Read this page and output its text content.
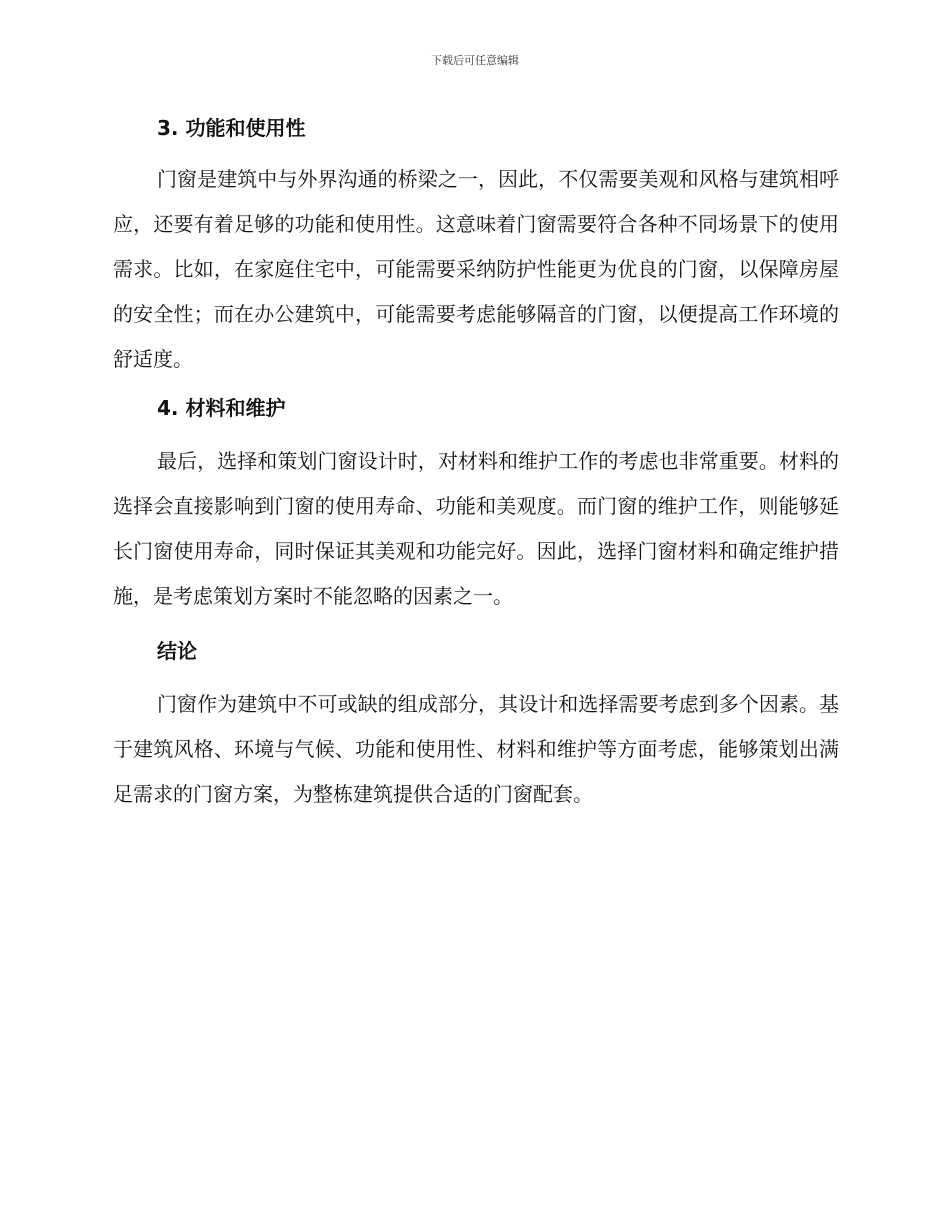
下载后可任意编辑
3. 功能和使用性

门窗是建筑中与外界沟通的桥梁之一，因此，不仅需要美观和风格与建筑相呼应，还要有着足够的功能和使用性。这意味着门窗需要符合各种不同场景下的使用需求。比如，在家庭住宅中，可能需要采纳防护性能更为优良的门窗，以保障房屋的安全性；而在办公建筑中，可能需要考虑能够隔音的门窗，以便提高工作环境的舒适度。

4. 材料和维护

最后，选择和策划门窗设计时，对材料和维护工作的考虑也非常重要。材料的选择会直接影响到门窗的使用寿命、功能和美观度。而门窗的维护工作，则能够延长门窗使用寿命，同时保证其美观和功能完好。因此，选择门窗材料和确定维护措施，是考虑策划方案时不能忽略的因素之一。

结论

门窗作为建筑中不可或缺的组成部分，其设计和选择需要考虑到多个因素。基于建筑风格、环境与气候、功能和使用性、材料和维护等方面考虑，能够策划出满足需求的门窗方案，为整栋建筑提供合适的门窗配套。
